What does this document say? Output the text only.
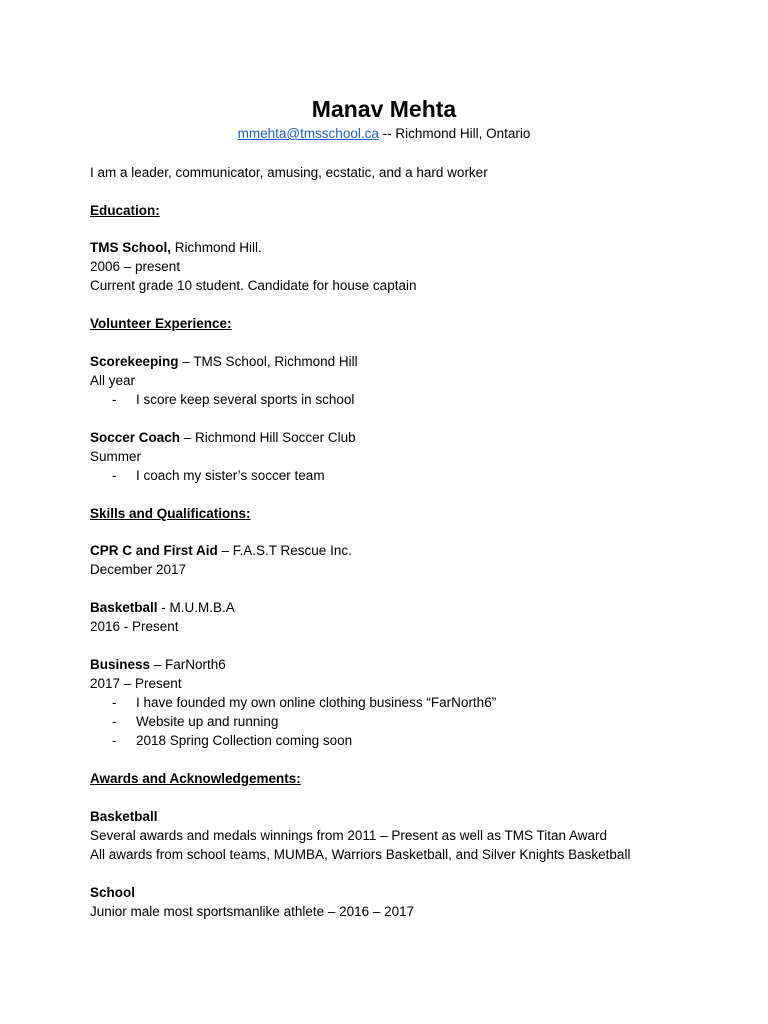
Manav Mehta
mmehta@tmsschool.ca -- Richmond Hill, Ontario
I am a leader, communicator, amusing, ecstatic, and a hard worker
Education:
TMS School, Richmond Hill.
2006 – present
Current grade 10 student. Candidate for house captain
Volunteer Experience:
Scorekeeping – TMS School, Richmond Hill
All year
- I score keep several sports in school
Soccer Coach – Richmond Hill Soccer Club
Summer
- I coach my sister’s soccer team
Skills and Qualifications:
CPR C and First Aid – F.A.S.T Rescue Inc.
December 2017
Basketball - M.U.M.B.A
2016 - Present
Business – FarNorth6
2017 – Present
- I have founded my own online clothing business “FarNorth6”
- Website up and running
- 2018 Spring Collection coming soon
Awards and Acknowledgements:
Basketball
Several awards and medals winnings from 2011 – Present as well as TMS Titan Award
All awards from school teams, MUMBA, Warriors Basketball, and Silver Knights Basketball
School
Junior male most sportsmanlike athlete – 2016 – 2017
